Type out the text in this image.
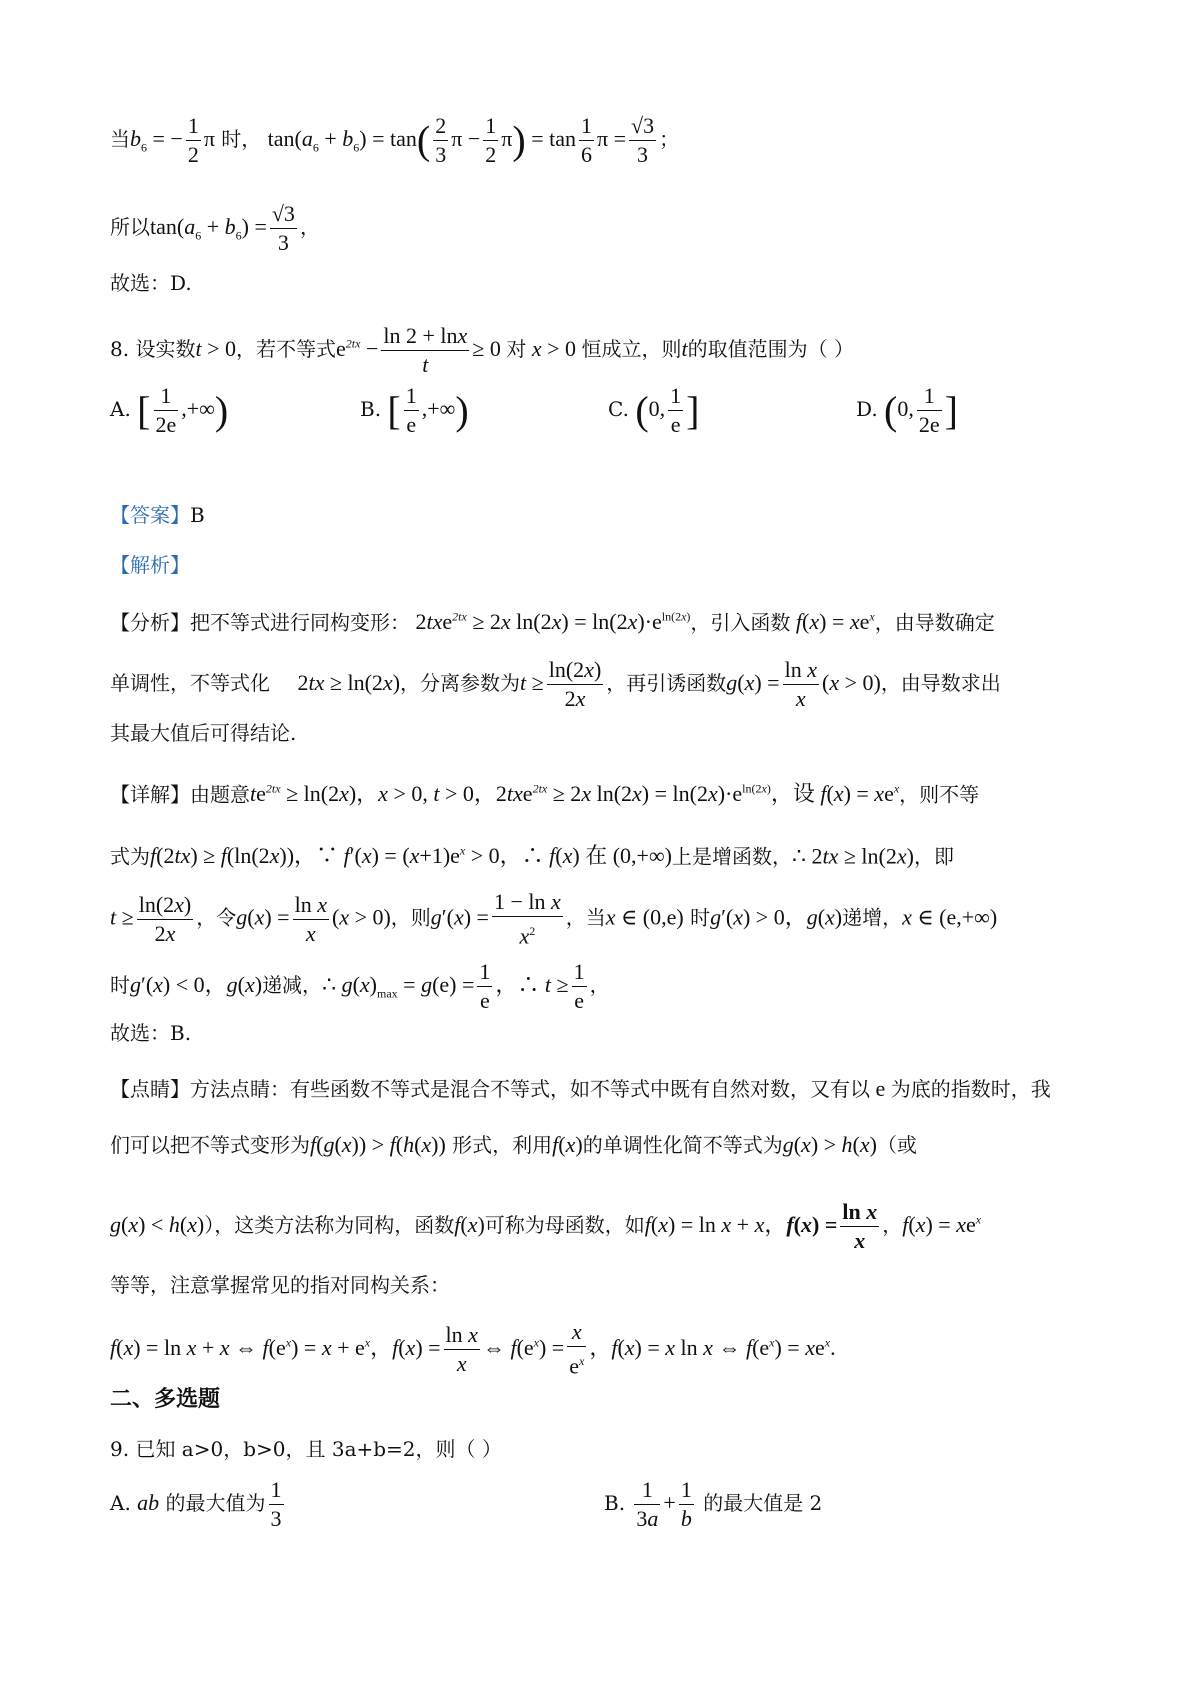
当$b_6$ = − $\frac{1}{2}$ π 时， $\tan(a_6 + b_6) = \tan( \frac{2}{3}$ $\pi - \frac{1}{2} \pi) = \tan \frac{1}{6}$ $\pi = \frac{√3}{3}$ ；
所以$\tan(a_6 + b_6) = \frac{√3}{3}$ ，
故选：D.
8. 设实数t > 0，若不等式$e^{2tx} - \frac{\ln 2 + \ln x}{t} \ge 0$ 对 x > 0 恒成立，则t的取值范围为（ ）
A. [ $\frac{1}{2e}$ ,+∞)	B. [ $\frac{1}{e}$ ,+∞)	C. (0, $\frac{1}{e}$ ]	D. (0, $\frac{1}{2e}$ ]
【答案】B
【解析】
【分析】把不等式进行同构变形： 2txe$^{2tx}$ ≥ 2x $\ln(2x) = \ln(2x)\cdot e^{ln(2x)}$，引入函数 $f(x) = xe^x$，由导数确定
单调性，不等式化　 2tx ≥ ln(2x)，分离参数为$t \ge \frac{\ln(2x)}{2x}$ ，再引诱函数$g(x) = \frac{\text{ln x}}{x} (x > 0)$，由导数求出
其最大值后可得结论.
【详解】由题意$te^{2tx} \ge \ln(2x)$，x > 0, t > 0，2txe$^{2tx}$ ≥ 2x $\ln(2x) = \ln(2x)\cdot e^{ln(2x)}$，设 $f(x) = xe^x$，则不等
式为f(2tx) ≥ f(ln(2x))，∵ $f'(x) = (x+1)e^x > 0$，∴ f(x) 在 (0,+∞)上是增函数，∴ 2tx ≥ ln(2x)，即
$t \ge \frac{\ln(2x)}{2x}$ ，令$g(x) = \frac{\text{ln x}}{x} (x > 0)$，则$g'(x) = \frac{\text{1 − ln x}}{x^2}$ ，当x ∈ (0,e) 时g′(x) > 0，g(x)递增，x ∈ (e,+∞)
时g′(x) < 0，g(x)递减，∴ $g(x)_{max} = g(e) = \frac{1}{e}$ ，∴ $t \ge \frac{1}{e}$ ，
故选：B.
【点睛】方法点睛：有些函数不等式是混合不等式，如不等式中既有自然对数，又有以 e 为底的指数时，我
们可以把不等式变形为f(g(x)) > f(h(x)) 形式，利用f(x)的单调性化简不等式为g(x) > h(x)（或
g(x) < h(x)），这类方法称为同构，函数f(x)可称为母函数，如f(x) = ln x + x，$f(x) = \frac{\text{ln x}}{x}$ ，$f(x) = xe^x$
等等，注意掌握常见的指对同构关系：
f(x) = ln x + x ⇔ $f(e^x) = x + e^x$，$f(x) = \frac{\text{ln x}}{x}$ ⇔ $f(e^x) = \frac{x}{e^x}$ ，f(x) = x ln x ⇔ $f(e^x) = xe^x$.
二、多选题
9. 已知 a>0，b>0，且 3a+b=2，则（ ）
A. ab 的最大值为 $\frac{1}{3}$	B. $\frac{1}{3a} + \frac{1}{b}$ 的最大值是 2
